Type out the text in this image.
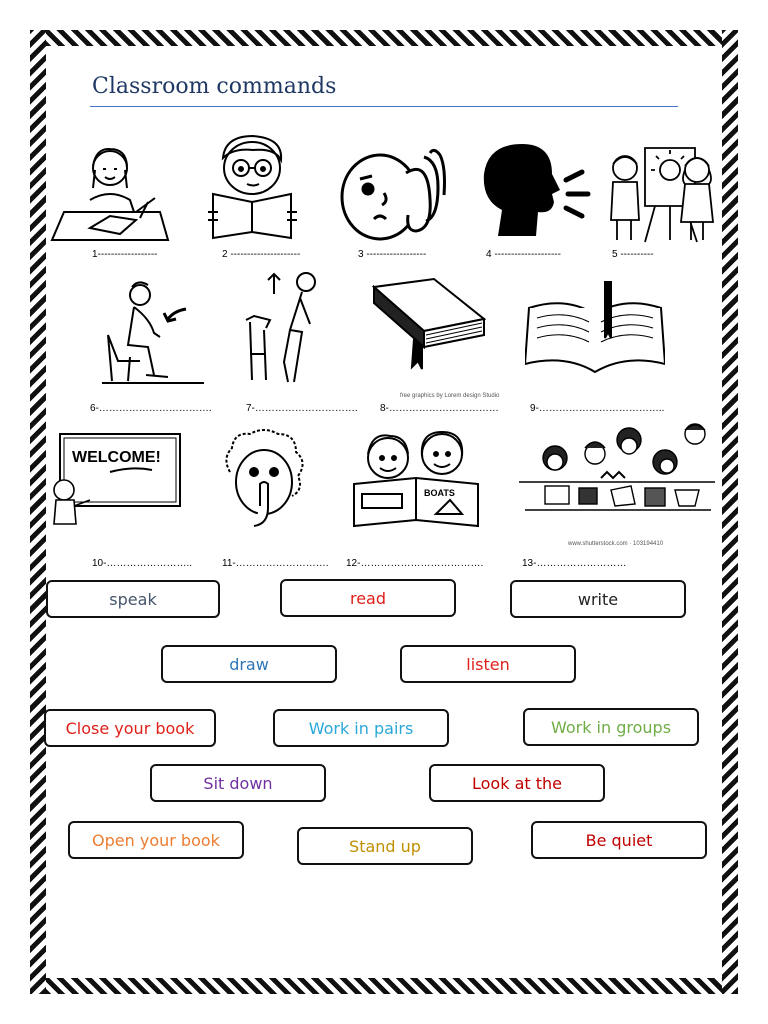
Classroom commands
1------------------	2 ---------------------	3 ------------------	4 --------------------	5 ----------
free graphics by Lorem design Studio
6-…………………………….	7-…………………………. 8-……………………………	9-………………………………..
WELCOME!
BOATS
www.shutterstock.com · 103194410
10-……………………..	11-………………………. 12-……………………………….	13-………………………
speak	read	write
draw	listen
Close your book	Work in pairs	Work in groups
Sit down	Look at the
Open your book	Stand up	Be quiet
